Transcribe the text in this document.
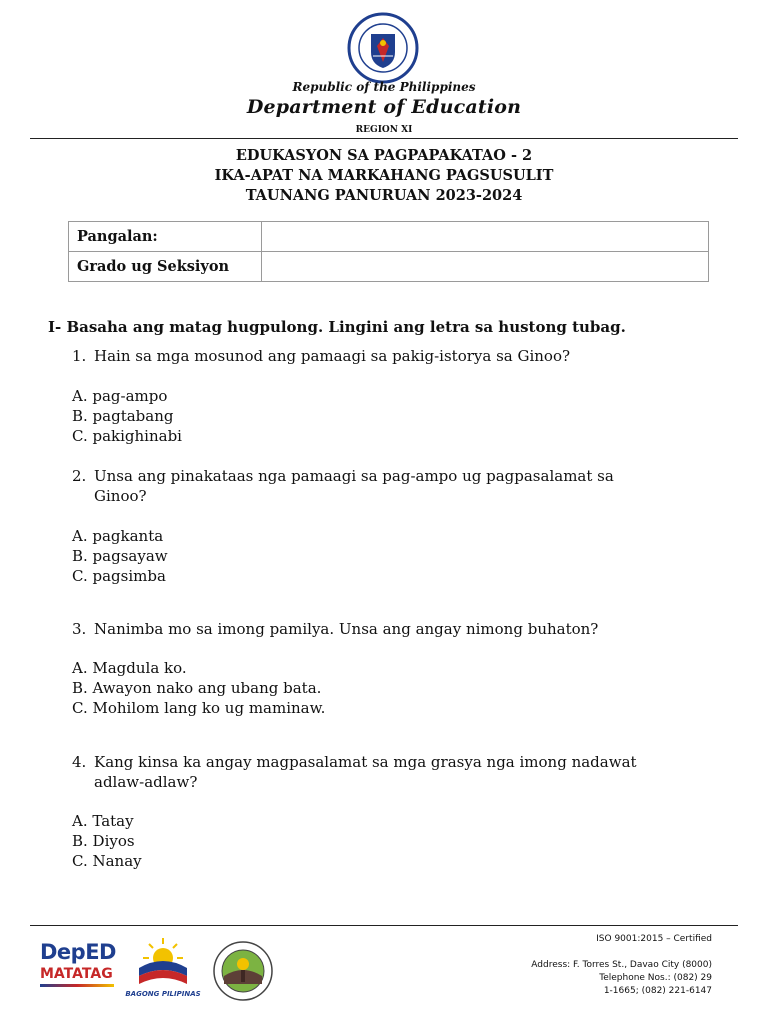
Republic of the Philippines
Department of Education
REGION XI
EDUKASYON SA PAGPAPAKATAO - 2
IKA-APAT NA MARKAHANG PAGSUSULIT
TAUNANG PANURUAN 2023-2024
Pangalan:	
Grado ug Seksiyon	
I- Basaha ang matag hugpulong. Lingini ang letra sa hustong tubag.
1. Hain sa mga mosunod ang pamaagi sa pakig-istorya sa Ginoo?
A. pag-ampo
B. pagtabang
C. pakighinabi
2. Unsa ang pinakataas nga pamaagi sa pag-ampo ug pagpasalamat sa
Ginoo?
A. pagkanta
B. pagsayaw
C. pagsimba
3. Nanimba mo sa imong pamilya. Unsa ang angay nimong buhaton?
A. Magdula ko.
B. Awayon nako ang ubang bata.
C. Mohilom lang ko ug maminaw.
4. Kang kinsa ka angay magpasalamat sa mga grasya nga imong nadawat
adlaw-adlaw?
A. Tatay
B. Diyos
C. Nanay
DepED
MATATAG
BAGONG PILIPINAS
ISO 9001:2015 – Certified
Address: F. Torres St., Davao City (8000)
Telephone Nos.: (082) 29
1-1665; (082) 221-6147
